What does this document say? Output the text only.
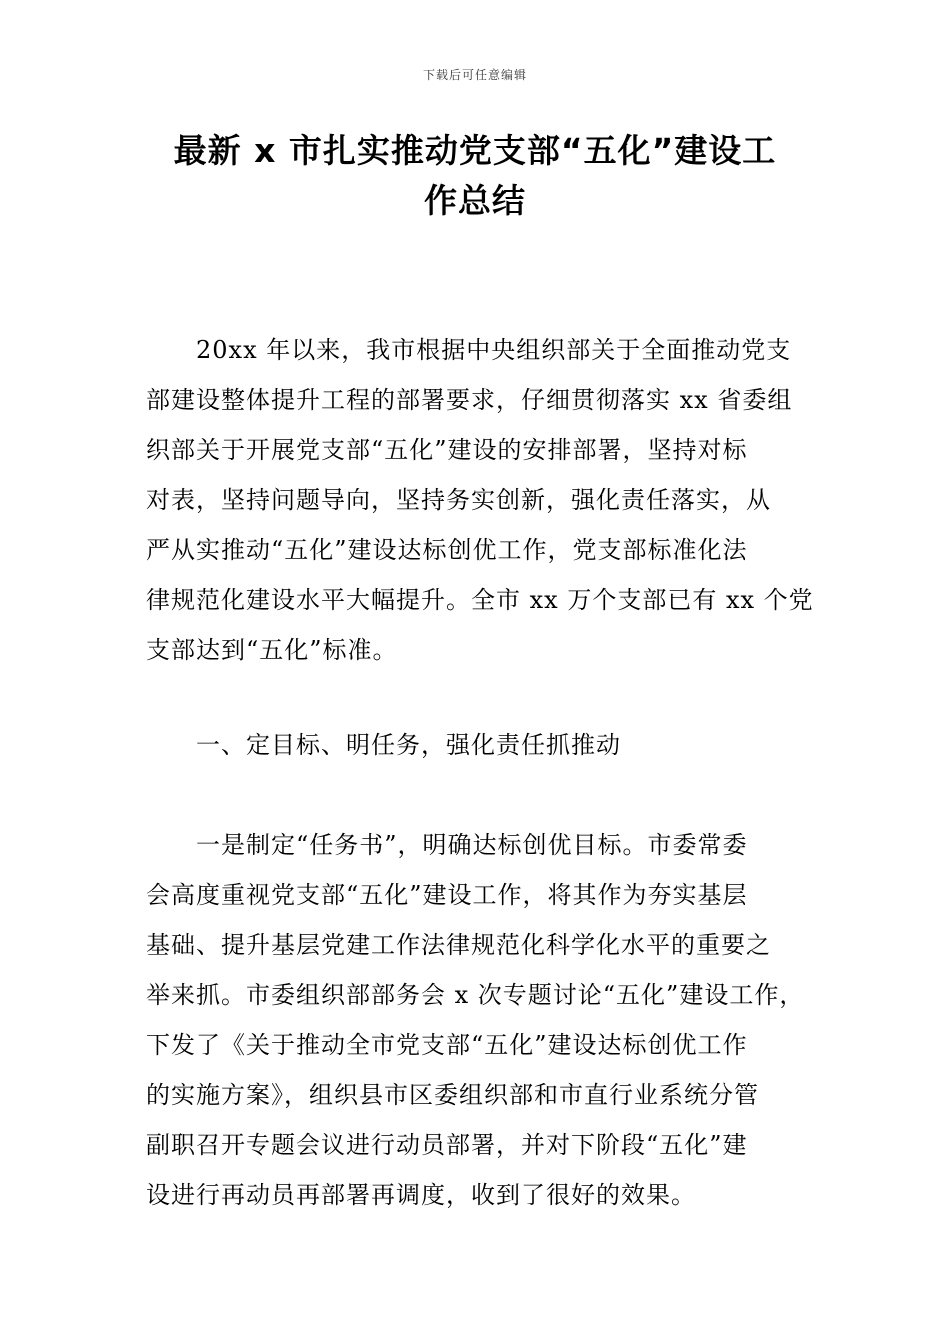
下载后可任意编辑
最新 x 市扎实推动党支部“五化”建设工
作总结
20xx 年以来，我市根据中央组织部关于全面推动党支
部建设整体提升工程的部署要求，仔细贯彻落实 xx 省委组
织部关于开展党支部“五化”建设的安排部署，坚持对标
对表，坚持问题导向，坚持务实创新，强化责任落实，从
严从实推动“五化”建设达标创优工作，党支部标准化法
律规范化建设水平大幅提升。全市 xx 万个支部已有 xx 个党
支部达到“五化”标准。
一、定目标、明任务，强化责任抓推动
一是制定“任务书”，明确达标创优目标。市委常委
会高度重视党支部“五化”建设工作，将其作为夯实基层
基础、提升基层党建工作法律规范化科学化水平的重要之
举来抓。市委组织部部务会 x 次专题讨论“五化”建设工作，
下发了《关于推动全市党支部“五化”建设达标创优工作
的实施方案》，组织县市区委组织部和市直行业系统分管
副职召开专题会议进行动员部署，并对下阶段“五化”建
设进行再动员再部署再调度，收到了很好的效果。
